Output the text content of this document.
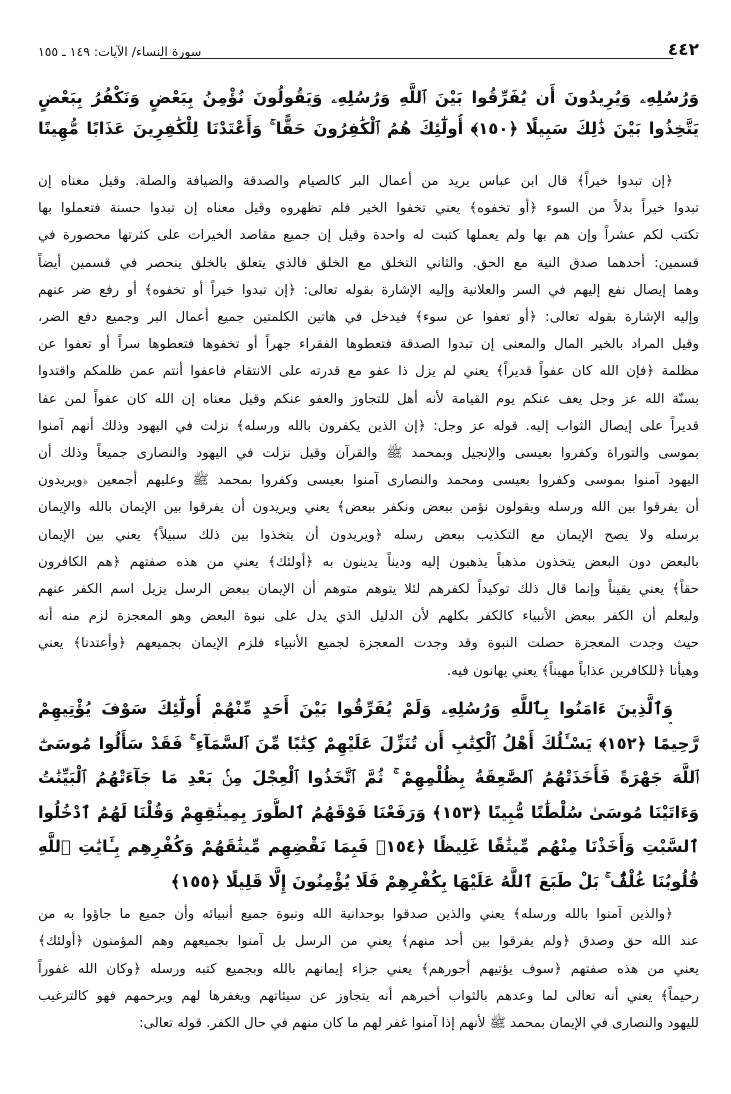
٤٤٢
سورة النساء/ الآيات: ١٤٩ ـ ١٥٥
وَرُسُلِهِۦ وَيُرِيدُونَ أَن يُفَرِّقُوا بَيْنَ ٱللَّهِ وَرُسُلِهِۦ وَيَقُولُونَ نُؤْمِنُ بِبَعْضٍ وَنَكْفُرُ بِبَعْضٍ
يَتَّخِذُوا بَيْنَ ذَٰلِكَ سَبِيلًا ﴿١٥٠﴾ أُولَٰٓئِكَ هُمُ ٱلْكَٰفِرُونَ حَقًّا ۚ وَأَعْتَدْنَا لِلْكَٰفِرِينَ عَذَابًا مُّهِينًا
﴿إن تبدوا خيراً﴾ قال ابن عباس يريد من أعمال البر كالصيام والصدقة والضيافة والصلة. وقيل معناه إن
تبدوا خيراً بدلاً من السوء ﴿أو تخفوه﴾ يعني تخفوا الخير فلم تظهروه وقيل معناه إن تبدوا حسنة فتعملوا بها
تكتب لكم عشراً وإن هم بها ولم يعملها كتبت له واحدة وقيل إن جميع مقاصد الخيرات على كثرتها محصورة في
قسمين: أحدهما صدق النية مع الحق. والثاني التخلق مع الخلق فالذي يتعلق بالخلق ينحصر في قسمين أيضاً
وهما إيصال نفع إليهم في السر والعلانية وإليه الإشارة بقوله تعالى: ﴿إن تبدوا خيراً أو تخفوه﴾ أو رفع ضر عنهم
وإليه الإشارة بقوله تعالى: ﴿أو تعفوا عن سوء﴾ فيدخل في هاتين الكلمتين جميع أعمال البر وجميع دفع الضر،
وقيل المراد بالخير المال والمعنى إن تبدوا الصدقة فتعطوها الفقراء جهراً أو تخفوها فتعطوها سراً أو تعفوا عن
مظلمة ﴿فإن الله كان عفواً قديراً﴾ يعني لم يزل ذا عفو مع قدرته على الانتقام فاعفوا أنتم عمن ظلمكم واقتدوا
بسنّة الله عز وجل يعف عنكم يوم القيامة لأنه أهل للتجاوز والعفو عنكم وقيل معناه إن الله كان عفواً لمن عفا
قديراً على إيصال الثواب إليه. قوله عز وجل: ﴿إن الذين يكفرون بالله ورسله﴾ نزلت في اليهود وذلك أنهم آمنوا
بموسى والتوراة وكفروا بعيسى والإنجيل وبمحمد ﷺ والقرآن وقيل نزلت في اليهود والنصارى جميعاً وذلك أن
اليهود آمنوا بموسى وكفروا بعيسى ومحمد والنصارى آمنوا بعيسى وكفروا بمحمد ﷺ وعليهم أجمعين ﴿ويريدون
أن يفرقوا بين الله ورسله ويقولون نؤمن ببعض ونكفر ببعض﴾ يعني ويريدون أن يفرقوا بين الإيمان بالله والإيمان
برسله ولا يصح الإيمان مع التكذيب ببعض رسله ﴿ويريدون أن يتخذوا بين ذلك سبيلاً﴾ يعني بين الإيمان
بالبعض دون البعض يتخذون مذهباً يذهبون إليه وديناً يدينون به ﴿أولئك﴾ يعني من هذه صفتهم ﴿هم الكافرون
حقاً﴾ يعني يقيناً وإنما قال ذلك توكيداً لكفرهم لئلا يتوهم متوهم أن الإيمان ببعض الرسل يزيل اسم الكفر عنهم
وليعلم أن الكفر ببعض الأنبياء كالكفر بكلهم لأن الدليل الذي يدل على نبوة البعض وهو المعجزة لزم منه أنه
حيث وجدت المعجزة حصلت النبوة وقد وجدت المعجزة لجميع الأنبياء فلزم الإيمان بجميعهم ﴿وأعتدنا﴾ يعني
وهيأنا ﴿للكافرين عذاباً مهيناً﴾ يعني يهانون فيه.
وَٱلَّذِينَ ءَامَنُوا بِٱللَّهِ وَرُسُلِهِۦ وَلَمْ يُفَرِّقُوا بَيْنَ أَحَدٍ مِّنْهُمْ أُولَٰٓئِكَ سَوْفَ يُؤْتِيهِمْ
رَّحِيمًا ﴿١٥٢﴾ يَسْـَٔلُكَ أَهْلُ ٱلْكِتَٰبِ أَن تُنَزِّلَ عَلَيْهِمْ كِتَٰبًا مِّنَ ٱلسَّمَآءِ ۚ فَقَدْ سَأَلُوا مُوسَىٰٓ
ٱللَّهَ جَهْرَةً فَأَخَذَتْهُمُ ٱلصَّٰعِقَةُ بِظُلْمِهِمْ ۚ ثُمَّ ٱتَّخَذُوا ٱلْعِجْلَ مِنۢ بَعْدِ مَا جَآءَتْهُمُ ٱلْبَيِّنَٰتُ
وَءَاتَيْنَا مُوسَىٰ سُلْطَٰنًا مُّبِينًا ﴿١٥٣﴾ وَرَفَعْنَا فَوْقَهُمُ ٱلطُّورَ بِمِيثَٰقِهِمْ وَقُلْنَا لَهُمُ ٱدْخُلُوا
ٱلسَّبْتِ وَأَخَذْنَا مِنْهُم مِّيثَٰقًا غَلِيظًا ﴿١٥٤﴾ فَبِمَا نَقْضِهِم مِّيثَٰقَهُمْ وَكُفْرِهِم بِـَٔايَٰتِ ٱللَّهِ
قُلُوبُنَا غُلْفٌۢ ۚ بَلْ طَبَعَ ٱللَّهُ عَلَيْهَا بِكُفْرِهِمْ فَلَا يُؤْمِنُونَ إِلَّا قَلِيلًا ﴿١٥٥﴾
﴿والذين آمنوا بالله ورسله﴾ يعني والذين صدقوا بوحدانية الله ونبوة جميع أنبيائه وأن جميع ما جاؤوا به من
عند الله حق وصدق ﴿ولم يفرقوا بين أحد منهم﴾ يعني من الرسل بل آمنوا بجميعهم وهم المؤمنون ﴿أولئك﴾
يعني من هذه صفتهم ﴿سوف يؤتيهم أجورهم﴾ يعني جزاء إيمانهم بالله وبجميع كتبه ورسله ﴿وكان الله غفوراً
رحيماً﴾ يعني أنه تعالى لما وعدهم بالثواب أخبرهم أنه يتجاوز عن سيئاتهم ويغفرها لهم ويرحمهم فهو كالترغيب
لليهود والنصارى في الإيمان بمحمد ﷺ لأنهم إذا آمنوا غفر لهم ما كان منهم في حال الكفر. قوله تعالى:
